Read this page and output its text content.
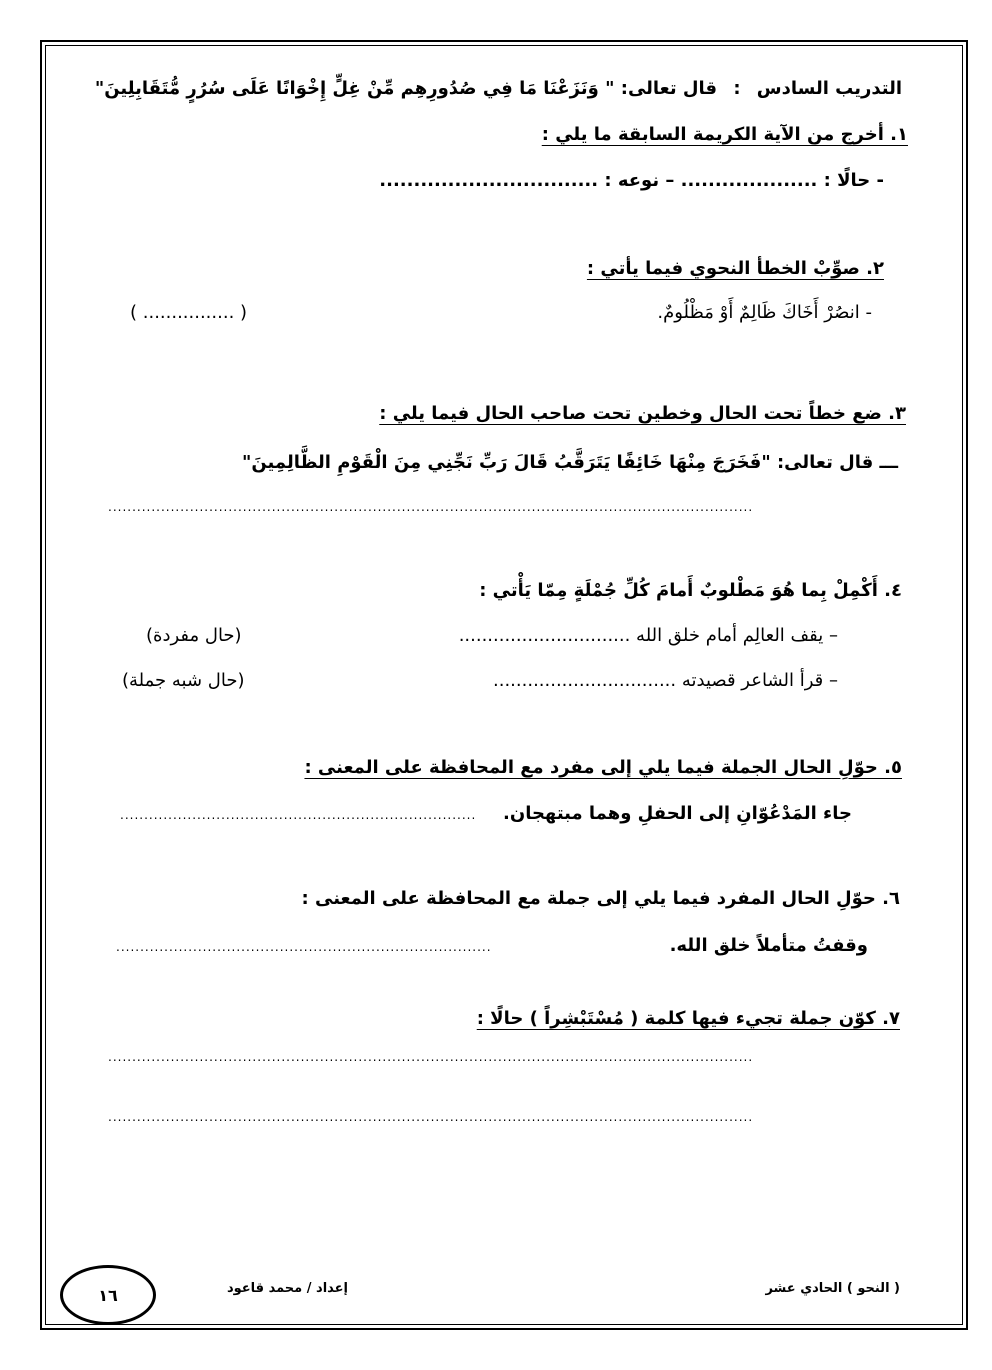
التدريب السادس : قال تعالى: " وَنَزَعْنَا مَا فِي صُدُورِهِم مِّنْ غِلٍّ إِخْوَانًا عَلَى سُرُرٍ مُّتَقَابِلِينَ"
١. أخرج من الآية الكريمة السابقة ما يلي :
- حالًا : .................... – نوعه : ................................
٢. صوِّبْ الخطأ النحوي فيما يأتي :
- انصُرْ أَخَاكَ ظَالِمٌ أَوْ مَظْلُومٌ.
( ................ )
٣. ضع خطاً تحت الحال وخطين تحت صاحب الحال فيما يلي :
ـــ قال تعالى: "فَخَرَجَ مِنْهَا خَائِفًا يَتَرَقَّبُ قَالَ رَبِّ نَجِّنِي مِنَ الْقَوْمِ الظَّالِمِينَ"
......................................................................................................................................
٤. أَكْمِلْ بِما هُوَ مَطْلوبٌ أَمامَ كُلِّ جُمْلَةٍ مِمّا يَأْتي :
– يقف العالِم أمام خلق الله ..............................
(حال مفردة)
– قرأ الشاعر قصيدته ................................
(حال شبه جملة)
٥. حوّلِ الحال الجملة فيما يلي إلى مفرد مع المحافظة على المعنى :
جاء المَدْعُوّانِ إلى الحفلِ وهما مبتهجان.
..........................................................................
٦. حوّلِ الحال المفرد فيما يلي إلى جملة مع المحافظة على المعنى :
وقفتُ متأملاً خلق الله.
..............................................................................
٧. كوّن جملة تجيء فيها كلمة ( مُسْتَبْشِراً ) حالًا :
......................................................................................................................................
......................................................................................................................................
( النحو ) الحادي عشر
إعداد / محمد قاعود
١٦
